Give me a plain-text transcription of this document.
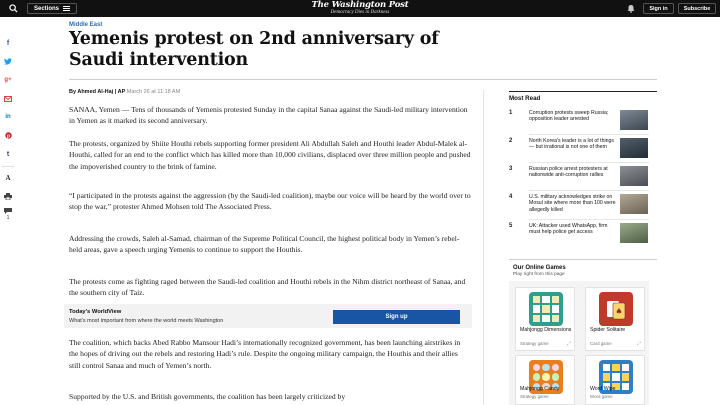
Sections	The Washington Post
Democracy Dies in Darkness
Sign in	Subscribe
f
g+
in
p
t
A
1
Middle East
Yemenis protest on 2nd anniversary of Saudi intervention
By Ahmed Al-Haj | AP March 26 at 11:18 AM

SANAA, Yemen — Tens of thousands of Yemenis protested Sunday in the capital Sanaa against the Saudi-led military intervention in Yemen as it marked its second anniversary.

The protests, organized by Shiite Houthi rebels supporting former president Ali Abdullah Saleh and Houthi leader Abdul-Malek al-Houthi, called for an end to the conflict which has killed more than 10,000 civilians, displaced over three million people and pushed the impoverished country to the brink of famine.

“I participated in the protests against the aggression (by the Saudi-led coalition), maybe our voice will be heard by the world over to stop the war,” protester Ahmed Mohsen told The Associated Press.

Addressing the crowds, Saleh al-Samad, chairman of the Supreme Political Council, the highest political body in Yemen’s rebel-held areas, gave a speech urging Yemenis to continue to support the Houthis.

The protests come as fighting raged between the Saudi-led coalition and Houthi rebels in the Nihm district northeast of Sanaa, and the southern city of Taiz.

Today's WorldView
What's most important from where the world meets Washington
Sign up

The coalition, which backs Abed Rabbo Mansour Hadi’s internationally recognized government, has been launching airstrikes in the hopes of driving out the rebels and restoring Hadi’s rule. Despite the ongoing military campaign, the Houthis and their allies still control Sanaa and much of Yemen’s north.

Supported by the U.S. and British governments, the coalition has been largely criticized by

Most Read
1	Corruption protests sweep Russia; opposition leader arrested
2	North Korea’s leader is a lot of things — but irrational is not one of them
3	Russian police arrest protesters at nationwide anti-corruption rallies
4	U.S. military acknowledges strike on Mosul site where more than 100 were allegedly killed
5	UK: Attacker used WhatsApp, firm must help police get access
Our Online Games
Play right from this page
Mahjongg Dimensions
Strategy game	⤢
♠
Spider Solitaire
Card game	⤢
Mahjongg Candy
Strategy game
Word Wipe
Word game
